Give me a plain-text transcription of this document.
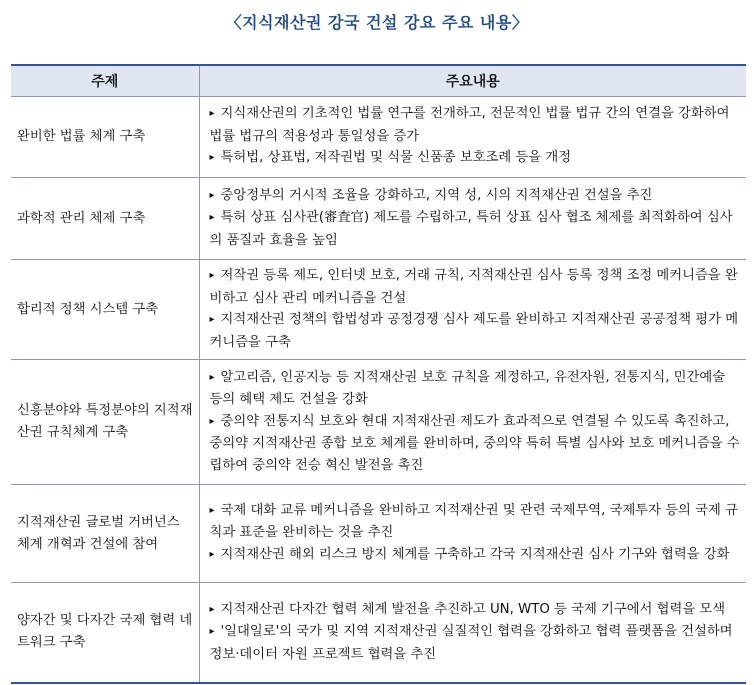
〈지식재산권 강국 건설 강요 주요 내용〉
주제	주요내용
완비한 법률 체계 구축	▸ 지식재산권의 기초적인 법률 연구를 전개하고, 전문적인 법률 법규 간의 연결을 강화하여 법률 법규의 적용성과 통일성을 증가
▸ 특허법, 상표법, 저작권법 및 식물 신품종 보호조례 등을 개정

과학적 관리 체제 구축	▸ 중앙정부의 거시적 조율을 강화하고, 지역 성, 시의 지적재산권 건설을 추진
▸ 특허 상표 심사관(審査官) 제도를 수립하고, 특허 상표 심사 협조 체제를 최적화하여 심사의 품질과 효율을 높임

합리적 정책 시스템 구축	▸ 저작권 등록 제도, 인터넷 보호, 거래 규칙, 지적재산권 심사 등록 정책 조정 메커니즘을 완비하고 심사 관리 메커니즘을 건설
▸ 지적재산권 정책의 합법성과 공정경쟁 심사 제도를 완비하고 지적재산권 공공정책 평가 메커니즘을 구축

신흥분야와 특정분야의 지적재산권 규칙체계 구축	▸ 알고리즘, 인공지능 등 지적재산권 보호 규칙을 제정하고, 유전자원, 전통지식, 민간예술 등의 혜택 제도 건설을 강화
▸ 중의약 전통지식 보호와 현대 지적재산권 제도가 효과적으로 연결될 수 있도록 촉진하고, 중의약 지적재산권 종합 보호 체계를 완비하며, 중의약 특허 특별 심사와 보호 메커니즘을 수립하여 중의약 전승 혁신 발전을 촉진

지적재산권 글로벌 거버넌스 체계 개혁과 건설에 참여	▸ 국제 대화 교류 메커니즘을 완비하고 지적재산권 및 관련 국제무역, 국제투자 등의 국제 규칙과 표준을 완비하는 것을 추진
▸ 지적재산권 해외 리스크 방지 체계를 구축하고 각국 지적재산권 심사 기구와 협력을 강화

양자간 및 다자간 국제 협력 네트워크 구축	▸ 지적재산권 다자간 협력 체계 발전을 추진하고 UN, WTO 등 국제 기구에서 협력을 모색
▸ '일대일로'의 국가 및 지역 지적재산권 실질적인 협력을 강화하고 협력 플랫폼을 건설하며 정보·데이터 자원 프로젝트 협력을 추진
